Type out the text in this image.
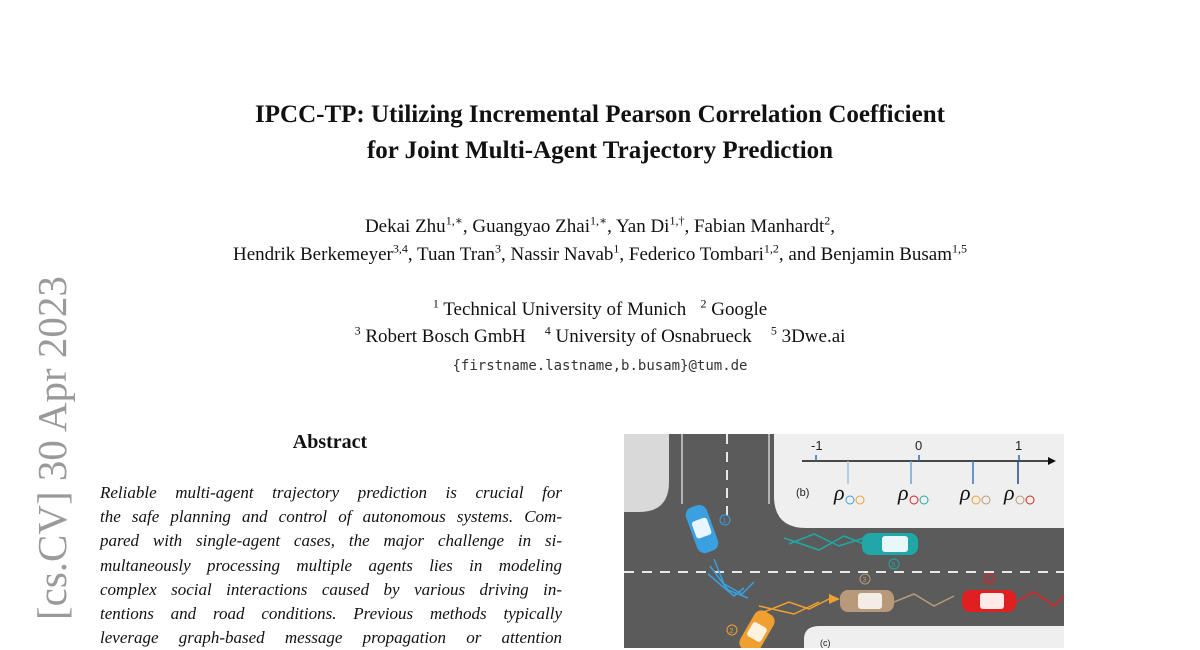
[cs.CV] 30 Apr 2023
IPCC-TP: Utilizing Incremental Pearson Correlation Coefficient
for Joint Multi-Agent Trajectory Prediction
Dekai Zhu$^{1,∗}$, Guangyao Zhai$^{1,∗}$, Yan $Di^{1,\dagger}$, Fabian Manhardt$^2$,
Hendrik Berkemeyer$^{3,4}$, Tuan Tran$^3$, Nassir Navab$^1$, Federico Tombari$^{1,2}$, and Benjamin Busam$^{1,5}$
$^1$ Technical University of Munich $^2$ Google
$^3$ Robert Bosch GmbH $^4$ University of Osnabrueck $^5$ 3Dwe.ai
{firstname.lastname,b.busam}@tum.de
Abstract
Reliable multi-agent trajectory prediction is crucial for
the safe planning and control of autonomous systems. Com-
pared with single-agent cases, the major challenge in si-
multaneously processing multiple agents lies in modeling
complex social interactions caused by various driving in-
tentions and road conditions. Previous methods typically
leverage graph-based message propagation or attention
-1	0	1
(b) ρ ρ ρ ρ
1
5
3	4
2
(c)
